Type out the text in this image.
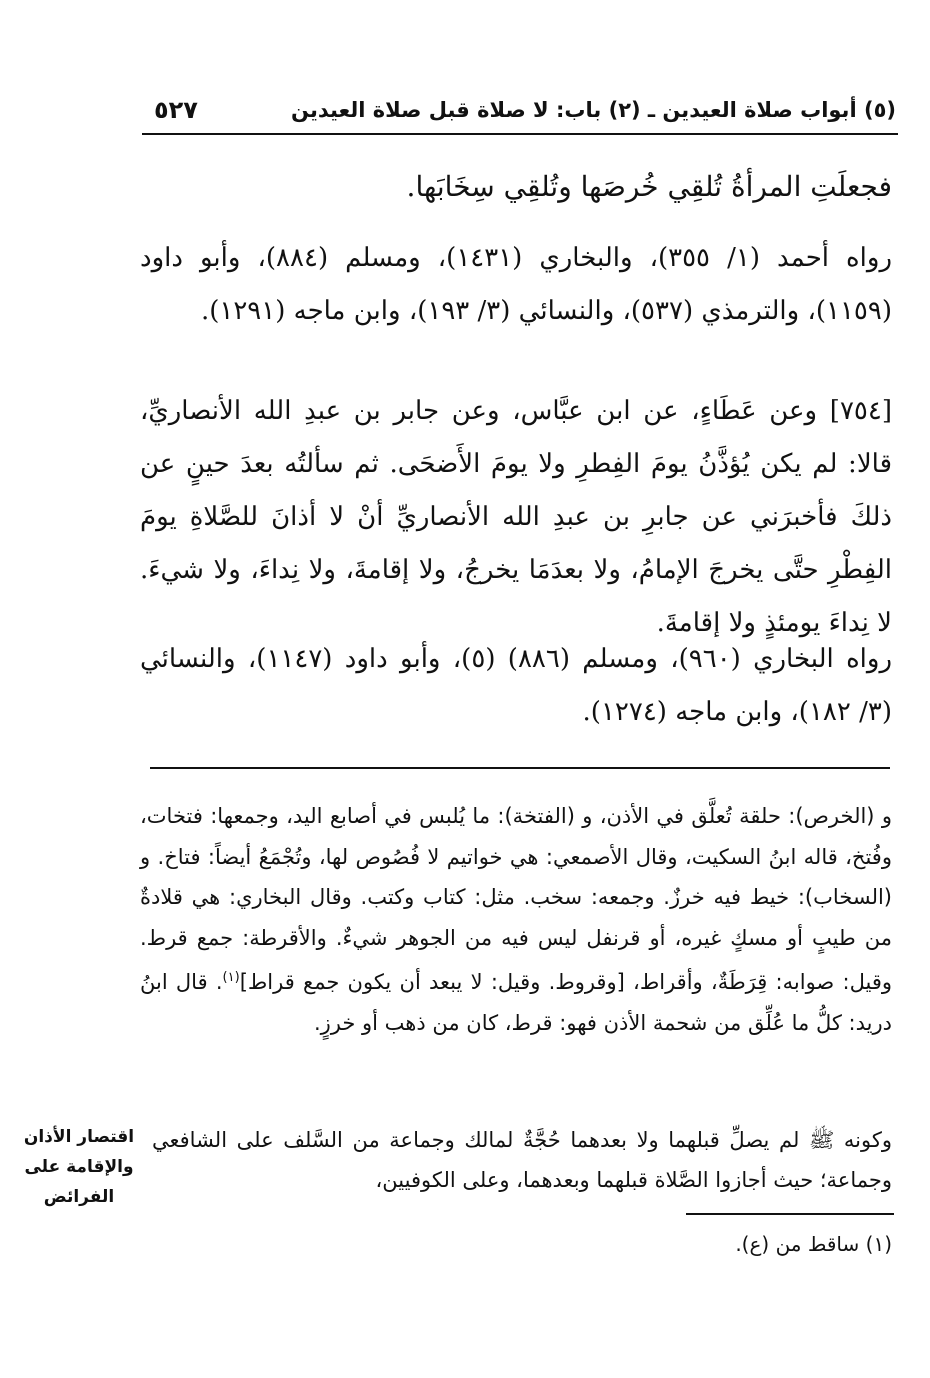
(٥) أبواب صلاة العيدين ـ (٢) باب: لا صلاة قبل صلاة العيدين
٥٢٧

فجعلَتِ المرأةُ تُلقِي خُرصَها وتُلقِي سِخَابَها.

رواه أحمد (١/ ٣٥٥)، والبخاري (١٤٣١)، ومسلم (٨٨٤)، وأبو داود (١١٥٩)، والترمذي (٥٣٧)، والنسائي (٣/ ١٩٣)، وابن ماجه (١٢٩١).

[٧٥٤] وعن عَطَاءٍ، عن ابن عبَّاس، وعن جابر بن عبدِ الله الأنصاريِّ، قالا: لم يكن يُؤذَّنُ يومَ الفِطرِ ولا يومَ الأَضحَى. ثم سألتُه بعدَ حينٍ عن ذلكَ فأخبرَني عن جابرِ بن عبدِ الله الأنصاريِّ أنْ لا أذانَ للصَّلاةِ يومَ الفِطْرِ حتَّى يخرجَ الإمامُ، ولا بعدَمَا يخرجُ، ولا إقامةَ، ولا نِداءَ، ولا شيءَ. لا نِداءَ يومئذٍ ولا إقامةَ.

رواه البخاري (٩٦٠)، ومسلم (٨٨٦) (٥)، وأبو داود (١١٤٧)، والنسائي (٣/ ١٨٢)، وابن ماجه (١٢٧٤).

و (الخرص): حلقة تُعلَّق في الأذن، و (الفتخة): ما يُلبس في أصابع اليد، وجمعها: فتخات، وفُتخ، قاله ابنُ السكيت، وقال الأصمعي: هي خواتيم لا فُصُوص لها، وتُجْمَعُ أيضاً: فتاخ. و (السخاب): خيط فيه خرزٌ. وجمعه: سخب. مثل: كتاب وكتب. وقال البخاري: هي قلادةٌ من طيبٍ أو مسكٍ غيره، أو قرنفل ليس فيه من الجوهر شيءٌ. والأقرطة: جمع قرط. وقيل: صوابه: قِرَطَةٌ، وأقراط، [وقروط. وقيل: لا يبعد أن يكون جمع قراط]$^{(١)}$. قال ابنُ دريد: كلُّ ما عُلِّق من شحمة الأذن فهو: قرط، كان من ذهب أو خرزٍ.

وكونه ﷺ لم يصلِّ قبلهما ولا بعدهما حُجَّةٌ لمالك وجماعة من السَّلف على الشافعي وجماعة؛ حيث أجازوا الصَّلاة قبلهما وبعدهما، وعلى الكوفيين،

اقتصار الأذان
والإقامة على
الفرائض

(١) ساقط من (ع).
